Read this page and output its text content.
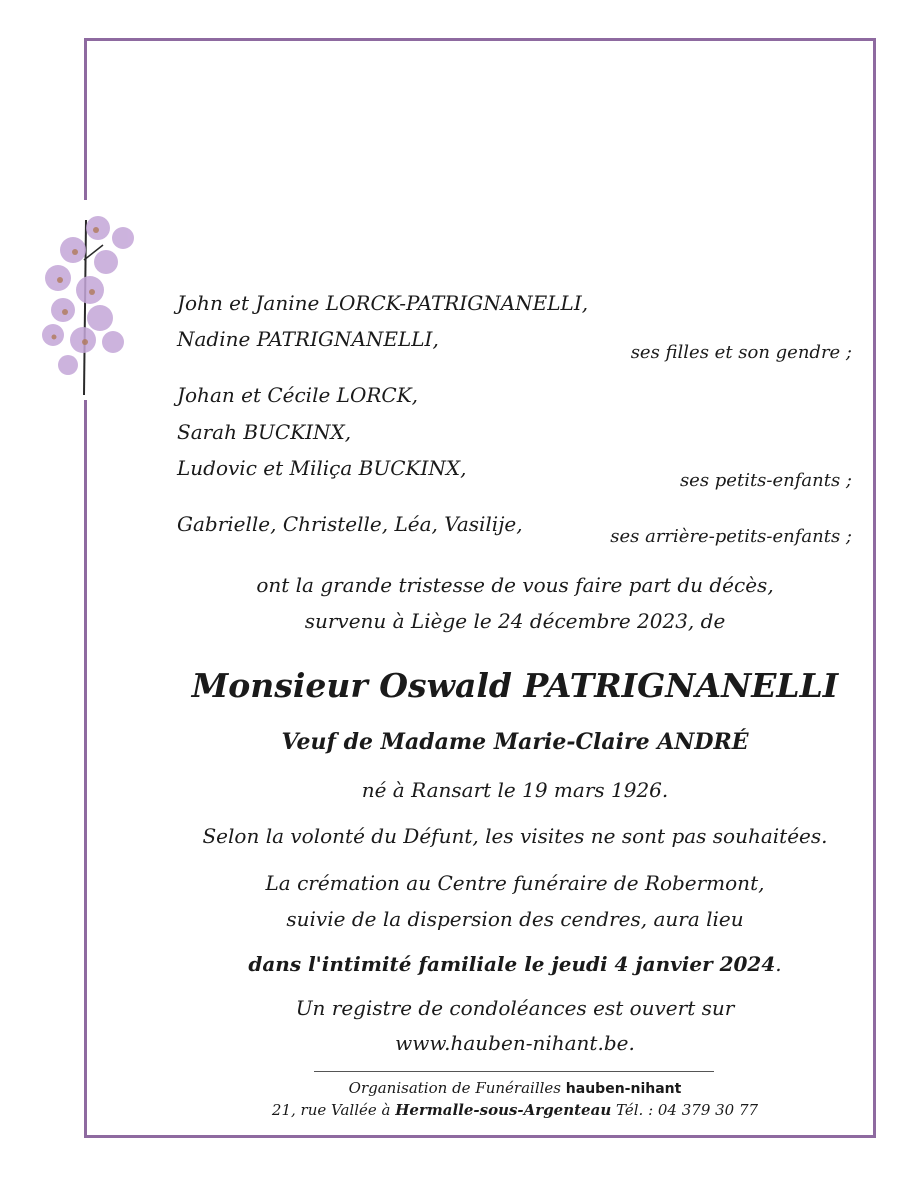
John et Janine LORCK-PATRIGNANELLI,
Nadine PATRIGNANELLI,
ses filles et son gendre ;
Johan et Cécile LORCK,
Sarah BUCKINX,
Ludovic et Miliça BUCKINX,
ses petits-enfants ;
Gabrielle, Christelle, Léa, Vasilije,
ses arrière-petits-enfants ;
ont la grande tristesse de vous faire part du décès,
survenu à Liège le 24 décembre 2023, de
Monsieur Oswald PATRIGNANELLI
Veuf de Madame Marie-Claire ANDRÉ
né à Ransart le 19 mars 1926.
Selon la volonté du Défunt, les visites ne sont pas souhaitées.
La crémation au Centre funéraire de Robermont,
suivie de la dispersion des cendres, aura lieu
dans l'intimité familiale le jeudi 4 janvier 2024.
Un registre de condoléances est ouvert sur
www.hauben-nihant.be.
Organisation de Funérailles hauben-nihant
21, rue Vallée à Hermalle-sous-Argenteau Tél. : 04 379 30 77
